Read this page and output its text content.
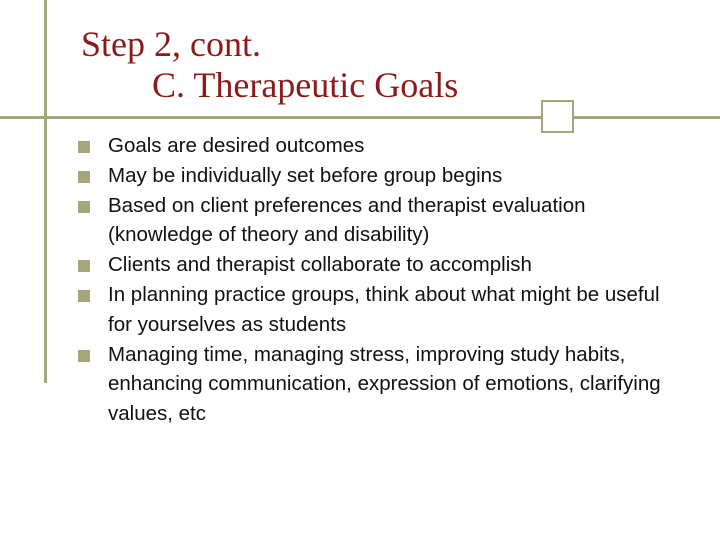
Step 2, cont.
C. Therapeutic Goals
Goals are desired outcomes
May be individually set before group begins
Based on client preferences and therapist evaluation (knowledge of theory and disability)
Clients and therapist collaborate to accomplish
In planning practice groups, think about what might be useful for yourselves as students
Managing time, managing stress, improving study habits, enhancing communication, expression of emotions, clarifying values, etc
